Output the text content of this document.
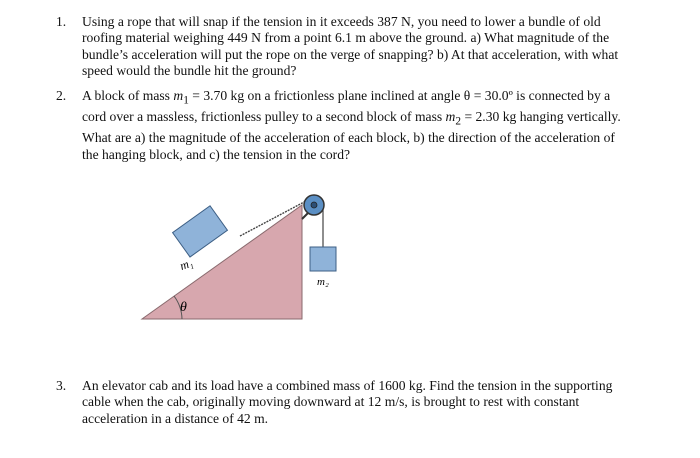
1. Using a rope that will snap if the tension in it exceeds 387 N, you need to lower a bundle of old roofing material weighing 449 N from a point 6.1 m above the ground. a) What magnitude of the bundle’s acceleration will put the rope on the verge of snapping? b) At that acceleration, with what speed would the bundle hit the ground?
2. A block of mass $m_1 = 3.70$ kg on a frictionless plane inclined at angle θ = 30.0º is connected by a cord over a massless, frictionless pulley to a second block of mass $m_2 = 2.30$ kg hanging vertically. What are a) the magnitude of the acceleration of each block, b) the direction of the acceleration of the hanging block, and c) the tension in the cord?
θ
m₁
m₂
3. An elevator cab and its load have a combined mass of 1600 kg. Find the tension in the supporting cable when the cab, originally moving downward at 12 m/s, is brought to rest with constant acceleration in a distance of 42 m.
